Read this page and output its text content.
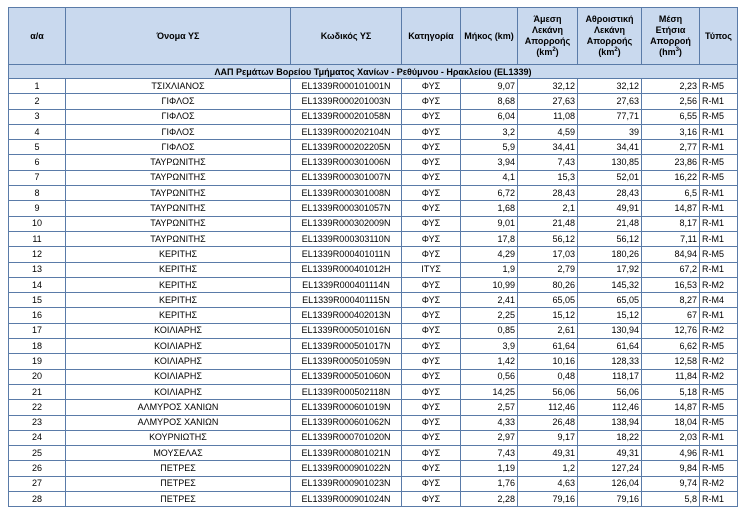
α/α	Όνομα ΥΣ	Κωδικός ΥΣ	Κατηγορία	Μήκος (km)	Άμεση Λεκάνη Απορροής $(km^2)$	Αθροιστική Λεκάνη Απορροής $(km^2)$	Μέση Ετήσια Απορροή $(hm^3)$	Τύπος
ΛΑΠ Ρεμάτων Βορείου Τμήματος Χανίων - Ρεθύμνου - Ηρακλείου (EL1339)								
1	ΤΣΙΧΛΙΑΝΟΣ	EL1339R000101001N	ΦΥΣ	9,07	32,12	32,12	2,23	R-M5
2	ΓΙΦΛΟΣ	EL1339R000201003N	ΦΥΣ	8,68	27,63	27,63	2,56	R-M1
3	ΓΙΦΛΟΣ	EL1339R000201058N	ΦΥΣ	6,04	11,08	77,71	6,55	R-M5
4	ΓΙΦΛΟΣ	EL1339R000202104N	ΦΥΣ	3,2	4,59	39	3,16	R-M1
5	ΓΙΦΛΟΣ	EL1339R000202205N	ΦΥΣ	5,9	34,41	34,41	2,77	R-M1
6	ΤΑΥΡΩΝΙΤΗΣ	EL1339R000301006N	ΦΥΣ	3,94	7,43	130,85	23,86	R-M5
7	ΤΑΥΡΩΝΙΤΗΣ	EL1339R000301007N	ΦΥΣ	4,1	15,3	52,01	16,22	R-M5
8	ΤΑΥΡΩΝΙΤΗΣ	EL1339R000301008N	ΦΥΣ	6,72	28,43	28,43	6,5	R-M1
9	ΤΑΥΡΩΝΙΤΗΣ	EL1339R000301057N	ΦΥΣ	1,68	2,1	49,91	14,87	R-M1
10	ΤΑΥΡΩΝΙΤΗΣ	EL1339R000302009N	ΦΥΣ	9,01	21,48	21,48	8,17	R-M1
11	ΤΑΥΡΩΝΙΤΗΣ	EL1339R000303110N	ΦΥΣ	17,8	56,12	56,12	7,11	R-M1
12	ΚΕΡΙΤΗΣ	EL1339R000401011N	ΦΥΣ	4,29	17,03	180,26	84,94	R-M5
13	ΚΕΡΙΤΗΣ	EL1339R000401012H	ΙΤΥΣ	1,9	2,79	17,92	67,2	R-M1
14	ΚΕΡΙΤΗΣ	EL1339R000401114N	ΦΥΣ	10,99	80,26	145,32	16,53	R-M2
15	ΚΕΡΙΤΗΣ	EL1339R000401115N	ΦΥΣ	2,41	65,05	65,05	8,27	R-M4
16	ΚΕΡΙΤΗΣ	EL1339R000402013N	ΦΥΣ	2,25	15,12	15,12	67	R-M1
17	ΚΟΙΛΙΑΡΗΣ	EL1339R000501016N	ΦΥΣ	0,85	2,61	130,94	12,76	R-M2
18	ΚΟΙΛΙΑΡΗΣ	EL1339R000501017N	ΦΥΣ	3,9	61,64	61,64	6,62	R-M5
19	ΚΟΙΛΙΑΡΗΣ	EL1339R000501059N	ΦΥΣ	1,42	10,16	128,33	12,58	R-M2
20	ΚΟΙΛΙΑΡΗΣ	EL1339R000501060N	ΦΥΣ	0,56	0,48	118,17	11,84	R-M2
21	ΚΟΙΛΙΑΡΗΣ	EL1339R000502118N	ΦΥΣ	14,25	56,06	56,06	5,18	R-M5
22	ΑΛΜΥΡΟΣ ΧΑΝΙΩΝ	EL1339R000601019N	ΦΥΣ	2,57	112,46	112,46	14,87	R-M5
23	ΑΛΜΥΡΟΣ ΧΑΝΙΩΝ	EL1339R000601062N	ΦΥΣ	4,33	26,48	138,94	18,04	R-M5
24	ΚΟΥΡΝΙΩΤΗΣ	EL1339R000701020N	ΦΥΣ	2,97	9,17	18,22	2,03	R-M1
25	ΜΟΥΣΕΛΑΣ	EL1339R000801021N	ΦΥΣ	7,43	49,31	49,31	4,96	R-M1
26	ΠΕΤΡΕΣ	EL1339R000901022N	ΦΥΣ	1,19	1,2	127,24	9,84	R-M5
27	ΠΕΤΡΕΣ	EL1339R000901023N	ΦΥΣ	1,76	4,63	126,04	9,74	R-M2
28	ΠΕΤΡΕΣ	EL1339R000901024N	ΦΥΣ	2,28	79,16	79,16	5,8	R-M1
